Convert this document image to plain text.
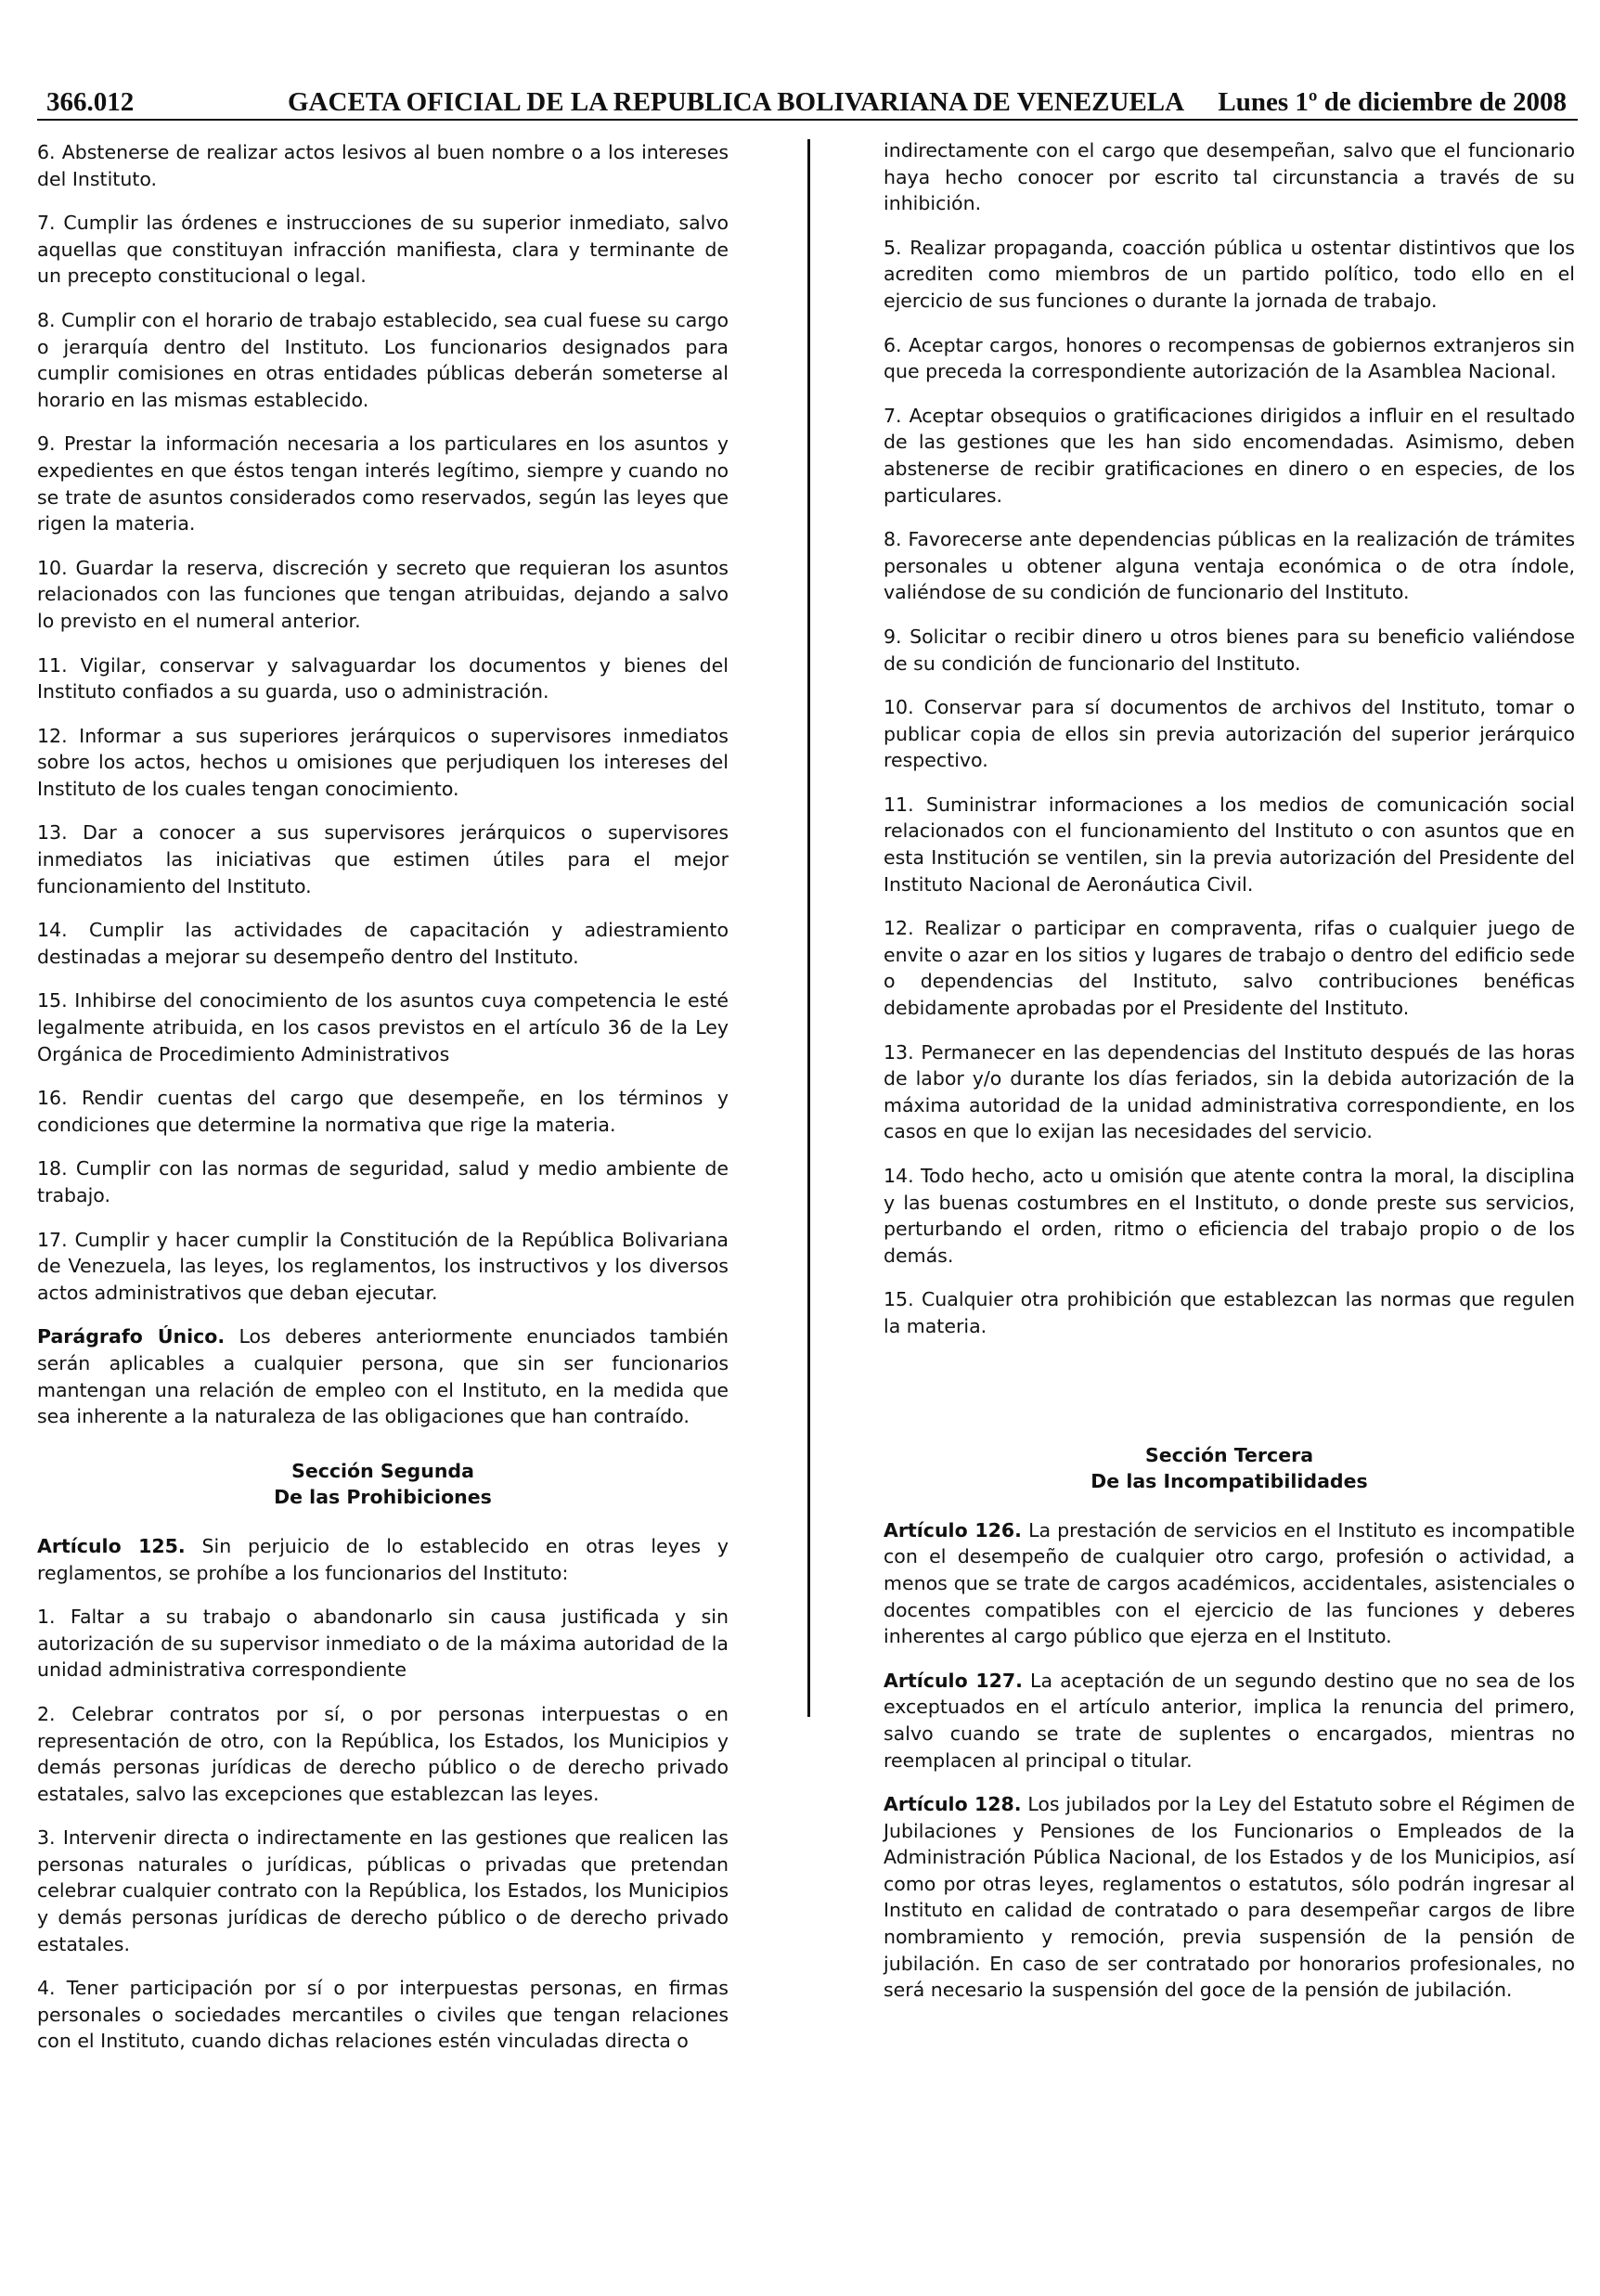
366.012	GACETA OFICIAL DE LA REPUBLICA BOLIVARIANA DE VENEZUELA Lunes 1º de diciembre de 2008

6. Abstenerse de realizar actos lesivos al buen nombre o a los intereses del Instituto.

7. Cumplir las órdenes e instrucciones de su superior inmediato, salvo aquellas que constituyan infracción manifiesta, clara y terminante de un precepto constitucional o legal.

8. Cumplir con el horario de trabajo establecido, sea cual fuese su cargo o jerarquía dentro del Instituto. Los funcionarios designados para cumplir comisiones en otras entidades públicas deberán someterse al horario en las mismas establecido.

9. Prestar la información necesaria a los particulares en los asuntos y expedientes en que éstos tengan interés legítimo, siempre y cuando no se trate de asuntos considerados como reservados, según las leyes que rigen la materia.

10. Guardar la reserva, discreción y secreto que requieran los asuntos relacionados con las funciones que tengan atribuidas, dejando a salvo lo previsto en el numeral anterior.

11. Vigilar, conservar y salvaguardar los documentos y bienes del Instituto confiados a su guarda, uso o administración.

12. Informar a sus superiores jerárquicos o supervisores inmediatos sobre los actos, hechos u omisiones que perjudiquen los intereses del Instituto de los cuales tengan conocimiento.

13. Dar a conocer a sus supervisores jerárquicos o supervisores inmediatos las iniciativas que estimen útiles para el mejor funcionamiento del Instituto.

14. Cumplir las actividades de capacitación y adiestramiento destinadas a mejorar su desempeño dentro del Instituto.

15. Inhibirse del conocimiento de los asuntos cuya competencia le esté legalmente atribuida, en los casos previstos en el artículo 36 de la Ley Orgánica de Procedimiento Administrativos

16. Rendir cuentas del cargo que desempeñe, en los términos y condiciones que determine la normativa que rige la materia.

18. Cumplir con las normas de seguridad, salud y medio ambiente de trabajo.

17. Cumplir y hacer cumplir la Constitución de la República Bolivariana de Venezuela, las leyes, los reglamentos, los instructivos y los diversos actos administrativos que deban ejecutar.

Parágrafo Único. Los deberes anteriormente enunciados también serán aplicables a cualquier persona, que sin ser funcionarios mantengan una relación de empleo con el Instituto, en la medida que sea inherente a la naturaleza de las obligaciones que han contraído.

Sección Segunda
De las Prohibiciones

Artículo 125. Sin perjuicio de lo establecido en otras leyes y reglamentos, se prohíbe a los funcionarios del Instituto:

1. Faltar a su trabajo o abandonarlo sin causa justificada y sin autorización de su supervisor inmediato o de la máxima autoridad de la unidad administrativa correspondiente

2. Celebrar contratos por sí, o por personas interpuestas o en representación de otro, con la República, los Estados, los Municipios y demás personas jurídicas de derecho público o de derecho privado estatales, salvo las excepciones que establezcan las leyes.

3. Intervenir directa o indirectamente en las gestiones que realicen las personas naturales o jurídicas, públicas o privadas que pretendan celebrar cualquier contrato con la República, los Estados, los Municipios y demás personas jurídicas de derecho público o de derecho privado estatales.

4. Tener participación por sí o por interpuestas personas, en firmas personales o sociedades mercantiles o civiles que tengan relaciones con el Instituto, cuando dichas relaciones estén vinculadas directa o

indirectamente con el cargo que desempeñan, salvo que el funcionario haya hecho conocer por escrito tal circunstancia a través de su inhibición.

5. Realizar propaganda, coacción pública u ostentar distintivos que los acrediten como miembros de un partido político, todo ello en el ejercicio de sus funciones o durante la jornada de trabajo.

6. Aceptar cargos, honores o recompensas de gobiernos extranjeros sin que preceda la correspondiente autorización de la Asamblea Nacional.

7. Aceptar obsequios o gratificaciones dirigidos a influir en el resultado de las gestiones que les han sido encomendadas. Asimismo, deben abstenerse de recibir gratificaciones en dinero o en especies, de los particulares.

8. Favorecerse ante dependencias públicas en la realización de trámites personales u obtener alguna ventaja económica o de otra índole, valiéndose de su condición de funcionario del Instituto.

9. Solicitar o recibir dinero u otros bienes para su beneficio valiéndose de su condición de funcionario del Instituto.

10. Conservar para sí documentos de archivos del Instituto, tomar o publicar copia de ellos sin previa autorización del superior jerárquico respectivo.

11. Suministrar informaciones a los medios de comunicación social relacionados con el funcionamiento del Instituto o con asuntos que en esta Institución se ventilen, sin la previa autorización del Presidente del Instituto Nacional de Aeronáutica Civil.

12. Realizar o participar en compraventa, rifas o cualquier juego de envite o azar en los sitios y lugares de trabajo o dentro del edificio sede o dependencias del Instituto, salvo contribuciones benéficas debidamente aprobadas por el Presidente del Instituto.

13. Permanecer en las dependencias del Instituto después de las horas de labor y/o durante los días feriados, sin la debida autorización de la máxima autoridad de la unidad administrativa correspondiente, en los casos en que lo exijan las necesidades del servicio.

14. Todo hecho, acto u omisión que atente contra la moral, la disciplina y las buenas costumbres en el Instituto, o donde preste sus servicios, perturbando el orden, ritmo o eficiencia del trabajo propio o de los demás.

15. Cualquier otra prohibición que establezcan las normas que regulen la materia.

Sección Tercera
De las Incompatibilidades

Artículo 126. La prestación de servicios en el Instituto es incompatible con el desempeño de cualquier otro cargo, profesión o actividad, a menos que se trate de cargos académicos, accidentales, asistenciales o docentes compatibles con el ejercicio de las funciones y deberes inherentes al cargo público que ejerza en el Instituto.

Artículo 127. La aceptación de un segundo destino que no sea de los exceptuados en el artículo anterior, implica la renuncia del primero, salvo cuando se trate de suplentes o encargados, mientras no reemplacen al principal o titular.

Artículo 128. Los jubilados por la Ley del Estatuto sobre el Régimen de Jubilaciones y Pensiones de los Funcionarios o Empleados de la Administración Pública Nacional, de los Estados y de los Municipios, así como por otras leyes, reglamentos o estatutos, sólo podrán ingresar al Instituto en calidad de contratado o para desempeñar cargos de libre nombramiento y remoción, previa suspensión de la pensión de jubilación. En caso de ser contratado por honorarios profesionales, no será necesario la suspensión del goce de la pensión de jubilación.
